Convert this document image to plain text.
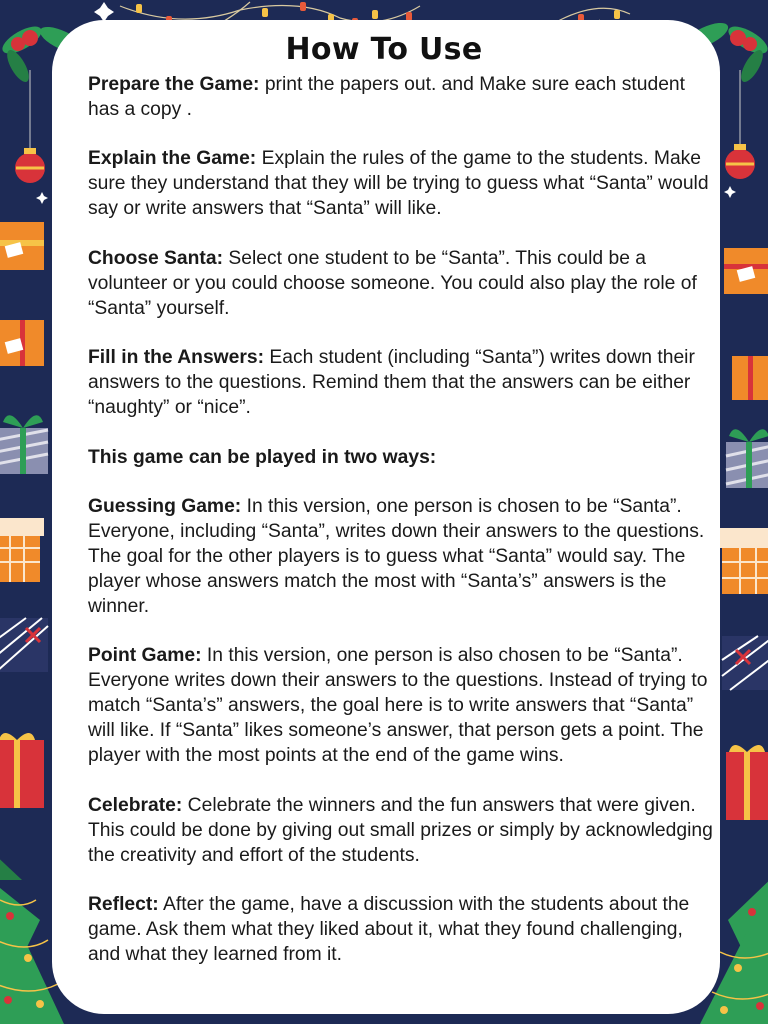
How To Use

Prepare the Game: print the papers out. and Make sure each student has a copy .

Explain the Game: Explain the rules of the game to the students. Make sure they understand that they will be trying to guess what “Santa” would say or write answers that “Santa” will like.

Choose Santa: Select one student to be “Santa”. This could be a volunteer or you could choose someone. You could also play the role of “Santa” yourself.

Fill in the Answers: Each student (including “Santa”) writes down their answers to the questions. Remind them that the answers can be either “naughty” or “nice”.

This game can be played in two ways:

Guessing Game: In this version, one person is chosen to be “Santa”. Everyone, including “Santa”, writes down their answers to the questions. The goal for the other players is to guess what “Santa” would say. The player whose answers match the most with “Santa’s” answers is the winner.

Point Game: In this version, one person is also chosen to be “Santa”. Everyone writes down their answers to the questions. Instead of trying to match “Santa’s” answers, the goal here is to write answers that “Santa” will like. If “Santa” likes someone’s answer, that person gets a point. The player with the most points at the end of the game wins.

Celebrate: Celebrate the winners and the fun answers that were given. This could be done by giving out small prizes or simply by acknowledging the creativity and effort of the students.

Reflect: After the game, have a discussion with the students about the game. Ask them what they liked about it, what they found challenging, and what they learned from it.
